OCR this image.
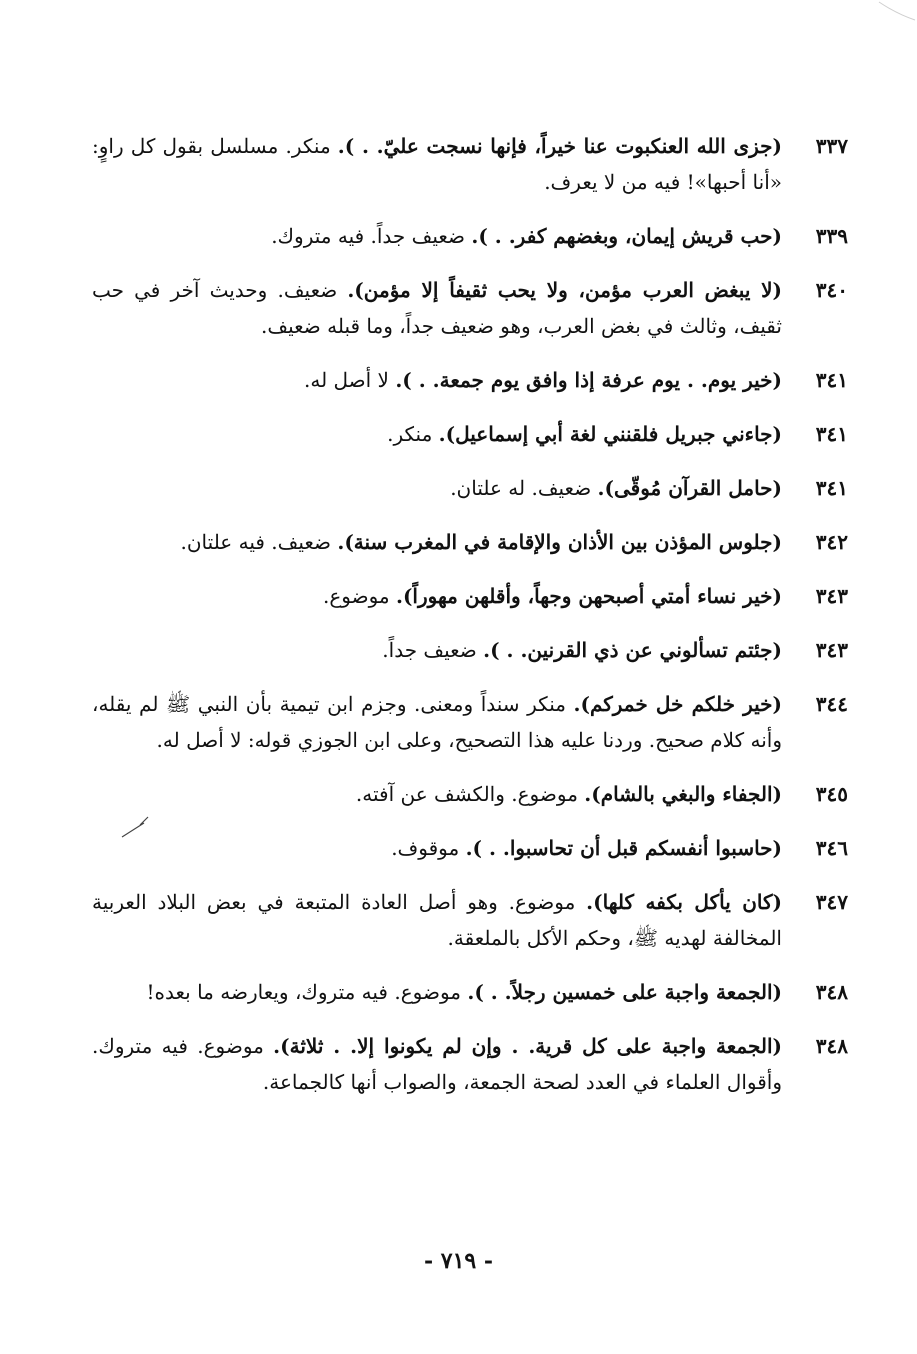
٣٣٧
(جزى الله العنكبوت عنا خيراً، فإنها نسجت عليّ. . ). منكر. مسلسل بقول كل راوٍ: «أنا أحبها»! فيه من لا يعرف.
٣٣٩
(حب قريش إيمان، وبغضهم كفر. . ). ضعيف جداً. فيه متروك.
٣٤٠
(لا يبغض العرب مؤمن، ولا يحب ثقيفاً إلا مؤمن). ضعيف. وحديث آخر في حب ثقيف، وثالث في بغض العرب، وهو ضعيف جداً، وما قبله ضعيف.
٣٤١
(خير يوم. . يوم عرفة إذا وافق يوم جمعة. . ). لا أصل له.
٣٤١
(جاءني جبريل فلقنني لغة أبي إسماعيل). منكر.
٣٤١
(حامل القرآن مُوقّى). ضعيف. له علتان.
٣٤٢
(جلوس المؤذن بين الأذان والإقامة في المغرب سنة). ضعيف. فيه علتان.
٣٤٣
(خير نساء أمتي أصبحهن وجهاً، وأقلهن مهوراً). موضوع.
٣٤٣
(جئتم تسألوني عن ذي القرنين. . ). ضعيف جداً.
٣٤٤
(خير خلكم خل خمركم). منكر سنداً ومعنى. وجزم ابن تيمية بأن النبي ﷺ لم يقله، وأنه كلام صحيح. وردنا عليه هذا التصحيح، وعلى ابن الجوزي قوله: لا أصل له.
٣٤٥
(الجفاء والبغي بالشام). موضوع. والكشف عن آفته.
٣٤٦
(حاسبوا أنفسكم قبل أن تحاسبوا. . ). موقوف.
٣٤٧
(كان يأكل بكفه كلها). موضوع. وهو أصل العادة المتبعة في بعض البلاد العربية المخالفة لهديه ﷺ، وحكم الأكل بالملعقة.
٣٤٨
(الجمعة واجبة على خمسين رجلاً. . ). موضوع. فيه متروك، ويعارضه ما بعده!
٣٤٨
(الجمعة واجبة على كل قرية. . وإن لم يكونوا إلا. . ثلاثة). موضوع. فيه متروك. وأقوال العلماء في العدد لصحة الجمعة، والصواب أنها كالجماعة.
- ٧١٩ -
